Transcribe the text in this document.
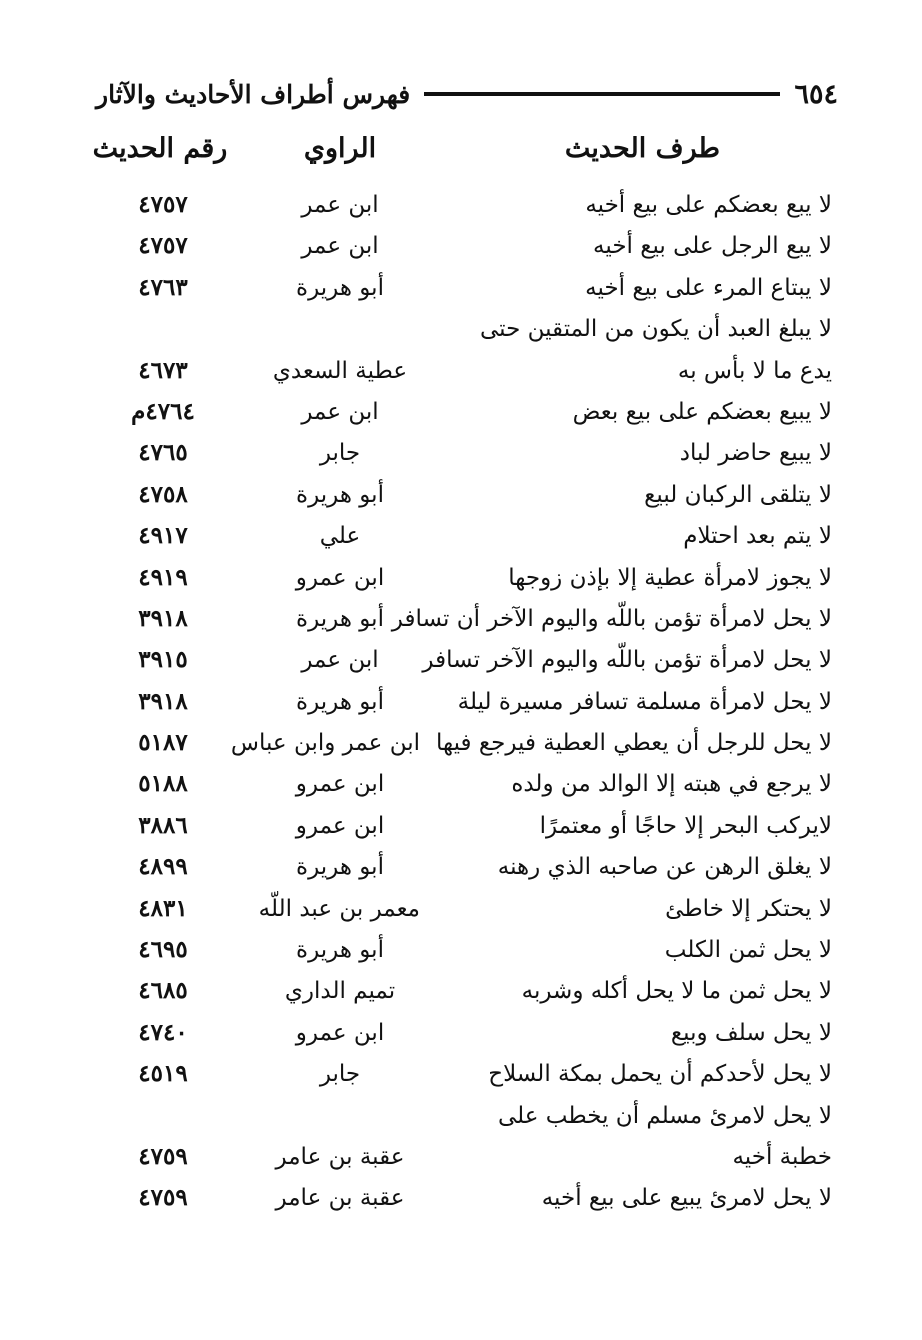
٦٥٤
فهرس أطراف الأحاديث والآثار
طرف الحديث
الراوي
رقم الحديث
لا يبع بعضكم على بيع أخيه
ابن عمر
٤٧٥٧
لا يبع الرجل على بيع أخيه
ابن عمر
٤٧٥٧
لا يبتاع المرء على بيع أخيه
أبو هريرة
٤٧٦٣
لا يبلغ العبد أن يكون من المتقين حتى
يدع ما لا بأس به
عطية السعدي
٤٦٧٣
لا يبيع بعضكم على بيع بعض
ابن عمر
٤٧٦٤م
لا يبيع حاضر لباد
جابر
٤٧٦٥
لا يتلقى الركبان لبيع
أبو هريرة
٤٧٥٨
لا يتم بعد احتلام
علي
٤٩١٧
لا يجوز لامرأة عطية إلا بإذن زوجها
ابن عمرو
٤٩١٩
لا يحل لامرأة تؤمن باللّه واليوم الآخر أن تسافر
أبو هريرة
٣٩١٨
لا يحل لامرأة تؤمن باللّه واليوم الآخر تسافر
ابن عمر
٣٩١٥
لا يحل لامرأة مسلمة تسافر مسيرة ليلة
أبو هريرة
٣٩١٨
لا يحل للرجل أن يعطي العطية فيرجع فيها
ابن عمر وابن عباس
٥١٨٧
لا يرجع في هبته إلا الوالد من ولده
ابن عمرو
٥١٨٨
لايركب البحر إلا حاجًا أو معتمرًا
ابن عمرو
٣٨٨٦
لا يغلق الرهن عن صاحبه الذي رهنه
أبو هريرة
٤٨٩٩
لا يحتكر إلا خاطئ
معمر بن عبد اللّه
٤٨٣١
لا يحل ثمن الكلب
أبو هريرة
٤٦٩٥
لا يحل ثمن ما لا يحل أكله وشربه
تميم الداري
٤٦٨٥
لا يحل سلف وبيع
ابن عمرو
٤٧٤٠
لا يحل لأحدكم أن يحمل بمكة السلاح
جابر
٤٥١٩
لا يحل لامرئ مسلم أن يخطب على
خطبة أخيه
عقبة بن عامر
٤٧٥٩
لا يحل لامرئ يبيع على بيع أخيه
عقبة بن عامر
٤٧٥٩
